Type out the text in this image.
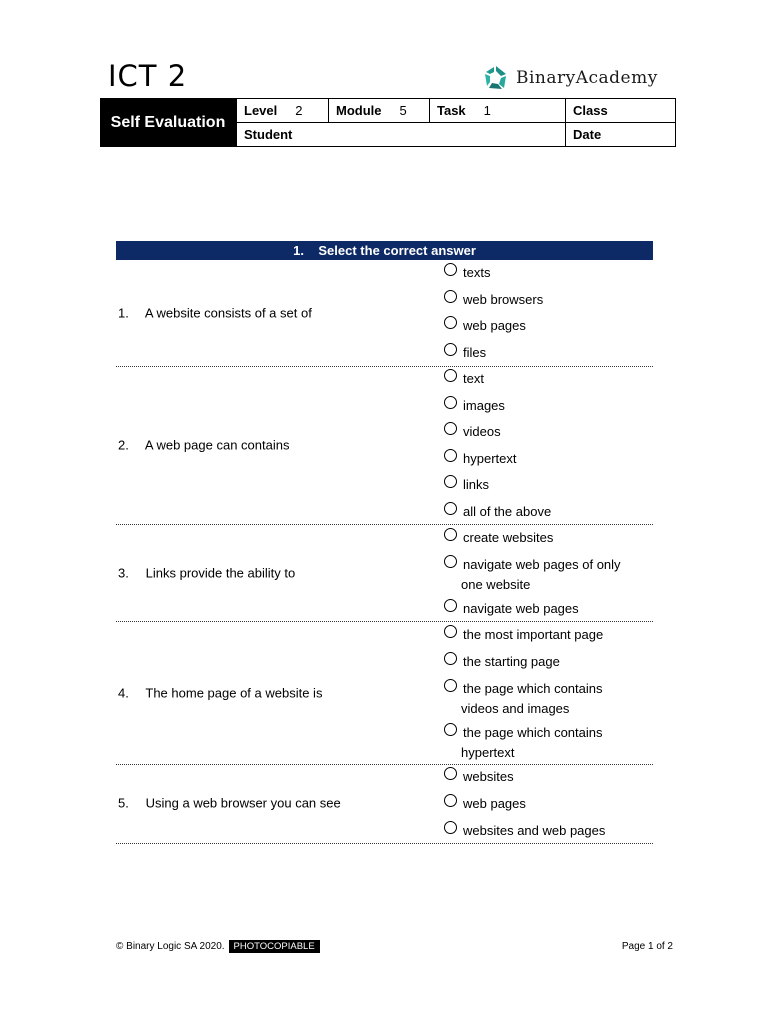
ICT 2	BinaryAcademy
Self Evaluation
Level 2	Module 5 Task 1	Class
Student	Date
1.    Select the correct answer
1. A website consists of a set of
texts
web browsers
web pages
files
2. A web page can contains
text
images
videos
hypertext
links
all of the above
3. Links provide the ability to
create websites
navigate web pages of only
one website
navigate web pages
4. The home page of a website is
the most important page
the starting page
the page which contains
videos and images
the page which contains
hypertext
5. Using a web browser you can see
websites
web pages
websites and web pages
© Binary Logic SA 2020. PHOTOCOPIABLE	Page 1 of 2
